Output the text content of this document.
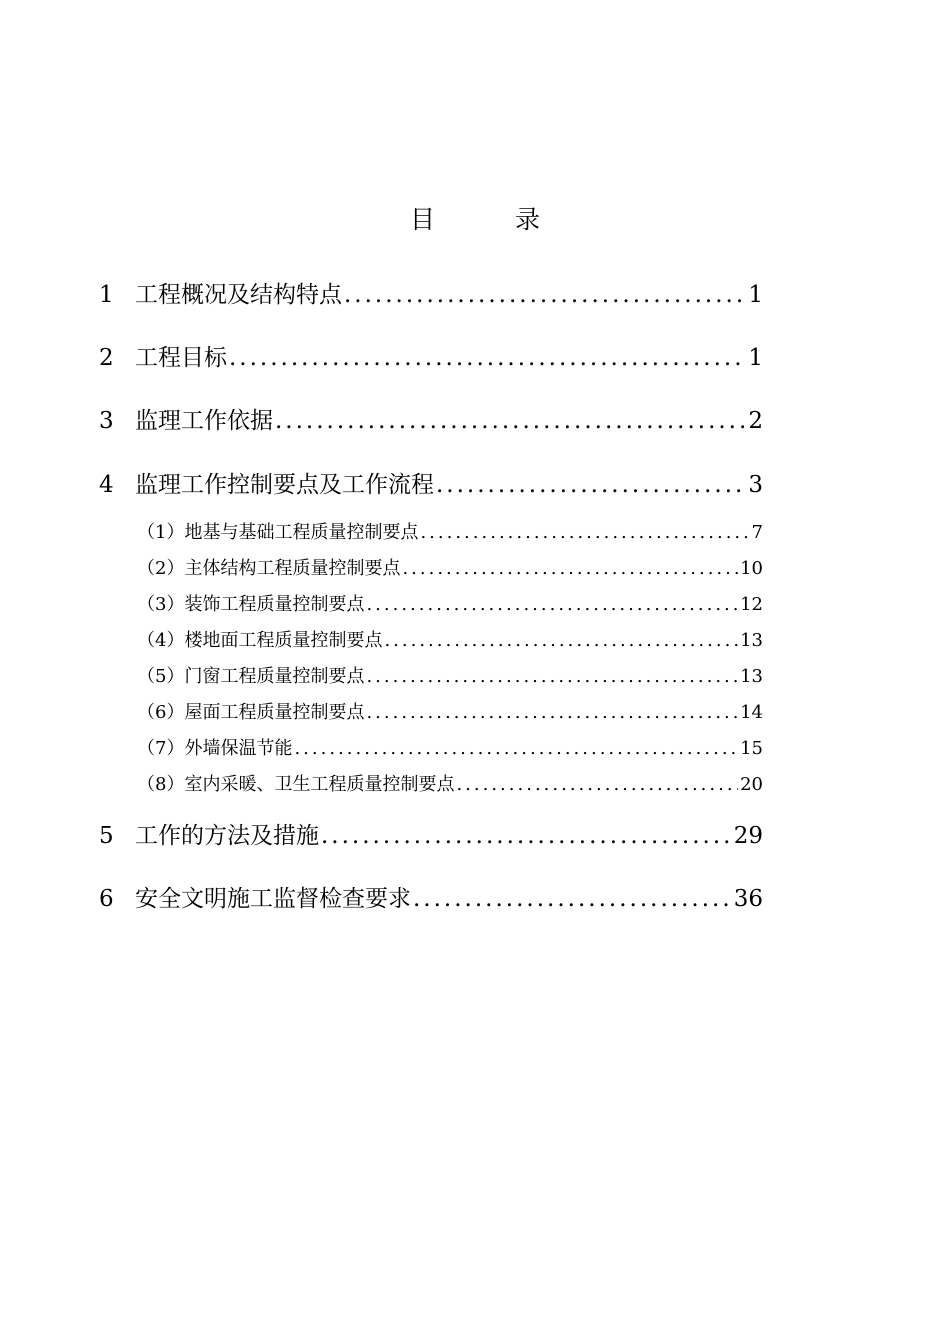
目	录
1 工程概况及结构特点 .....	1
2 工程目标 .....	1
3 监理工作依据 .....	2
4 监理工作控制要点及工作流程 .....	3
（1）地基与基础工程质量控制要点 .....	7
（2）主体结构工程质量控制要点 .....	10
（3）装饰工程质量控制要点 .....	12
（4）楼地面工程质量控制要点 .....	13
（5）门窗工程质量控制要点 .....	13
（6）屋面工程质量控制要点 .....	14
（7）外墙保温节能 .....	15
（8）室内采暖、卫生工程质量控制要点 .....	20
5 工作的方法及措施 .....	29
6 安全文明施工监督检查要求 .....	36
